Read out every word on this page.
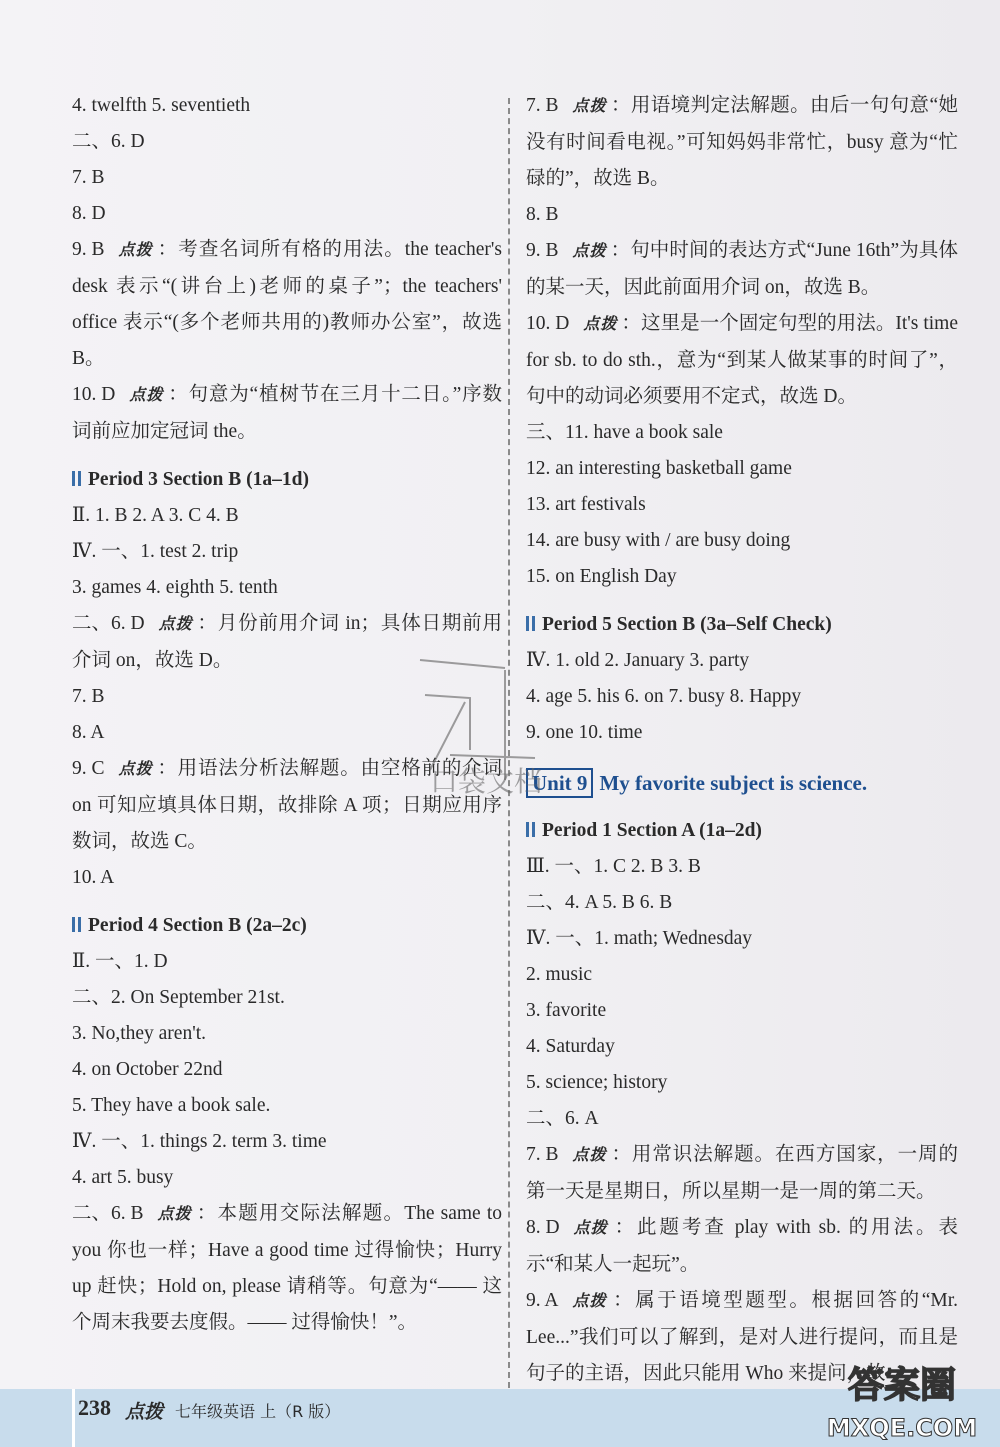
4. twelfth 5. seventieth
二、6. D
7. B
8. D
9. B 点拨 ：考查名词所有格的用法。the teacher's desk 表示“(讲台上)老师的桌子”；the teachers' office 表示“(多个老师共用的)教师办公室”，故选 B。
10. D 点拨 ：句意为“植树节在三月十二日。”序数词前应加定冠词 the。
Period 3 Section B (1a–1d)
Ⅱ. 1. B 2. A 3. C 4. B
Ⅳ. 一、1. test 2. trip
3. games 4. eighth 5. tenth
二、6. D 点拨 ：月份前用介词 in；具体日期前用介词 on，故选 D。
7. B
8. A
9. C 点拨 ：用语法分析法解题。由空格前的介词 on 可知应填具体日期，故排除 A 项；日期应用序数词，故选 C。
10. A
Period 4 Section B (2a–2c)
Ⅱ. 一、1. D
二、2. On September 21st.
3. No,they aren't.
4. on October 22nd
5. They have a book sale.
Ⅳ. 一、1. things 2. term 3. time
4. art 5. busy
二、6. B 点拨 ：本题用交际法解题。The same to you 你也一样；Have a good time 过得愉快；Hurry up 赶快；Hold on, please 请稍等。句意为“—— 这个周末我要去度假。—— 过得愉快！”。
7. B 点拨 ：用语境判定法解题。由后一句句意“她没有时间看电视。”可知妈妈非常忙，busy 意为“忙碌的”，故选 B。
8. B
9. B 点拨 ：句中时间的表达方式“June 16th”为具体的某一天，因此前面用介词 on，故选 B。
10. D 点拨 ：这里是一个固定句型的用法。It's time for sb. to do sth.，意为“到某人做某事的时间了”，句中的动词必须要用不定式，故选 D。
三、11. have a book sale
12. an interesting basketball game
13. art festivals
14. are busy with / are busy doing
15. on English Day
Period 5 Section B (3a–Self Check)
Ⅳ. 1. old 2. January 3. party
4. age 5. his 6. on 7. busy 8. Happy
9. one 10. time
Unit 9 My favorite subject is science.
Period 1 Section A (1a–2d)
Ⅲ. 一、1. C 2. B 3. B
二、4. A 5. B 6. B
Ⅳ. 一、1. math; Wednesday
2. music
3. favorite
4. Saturday
5. science; history
二、6. A
7. B 点拨 ：用常识法解题。在西方国家，一周的第一天是星期日，所以星期一是一周的第二天。
8. D 点拨 ：此题考查 play with sb. 的用法。表示“和某人一起玩”。
9. A 点拨 ：属于语境型题型。根据回答的“Mr. Lee...”我们可以了解到，是对人进行提问，而且是句子的主语，因此只能用 Who 来提问，故
口袋文档
238 点拨 七年级英语 上（R 版）
答案圈
MXQE.COM
